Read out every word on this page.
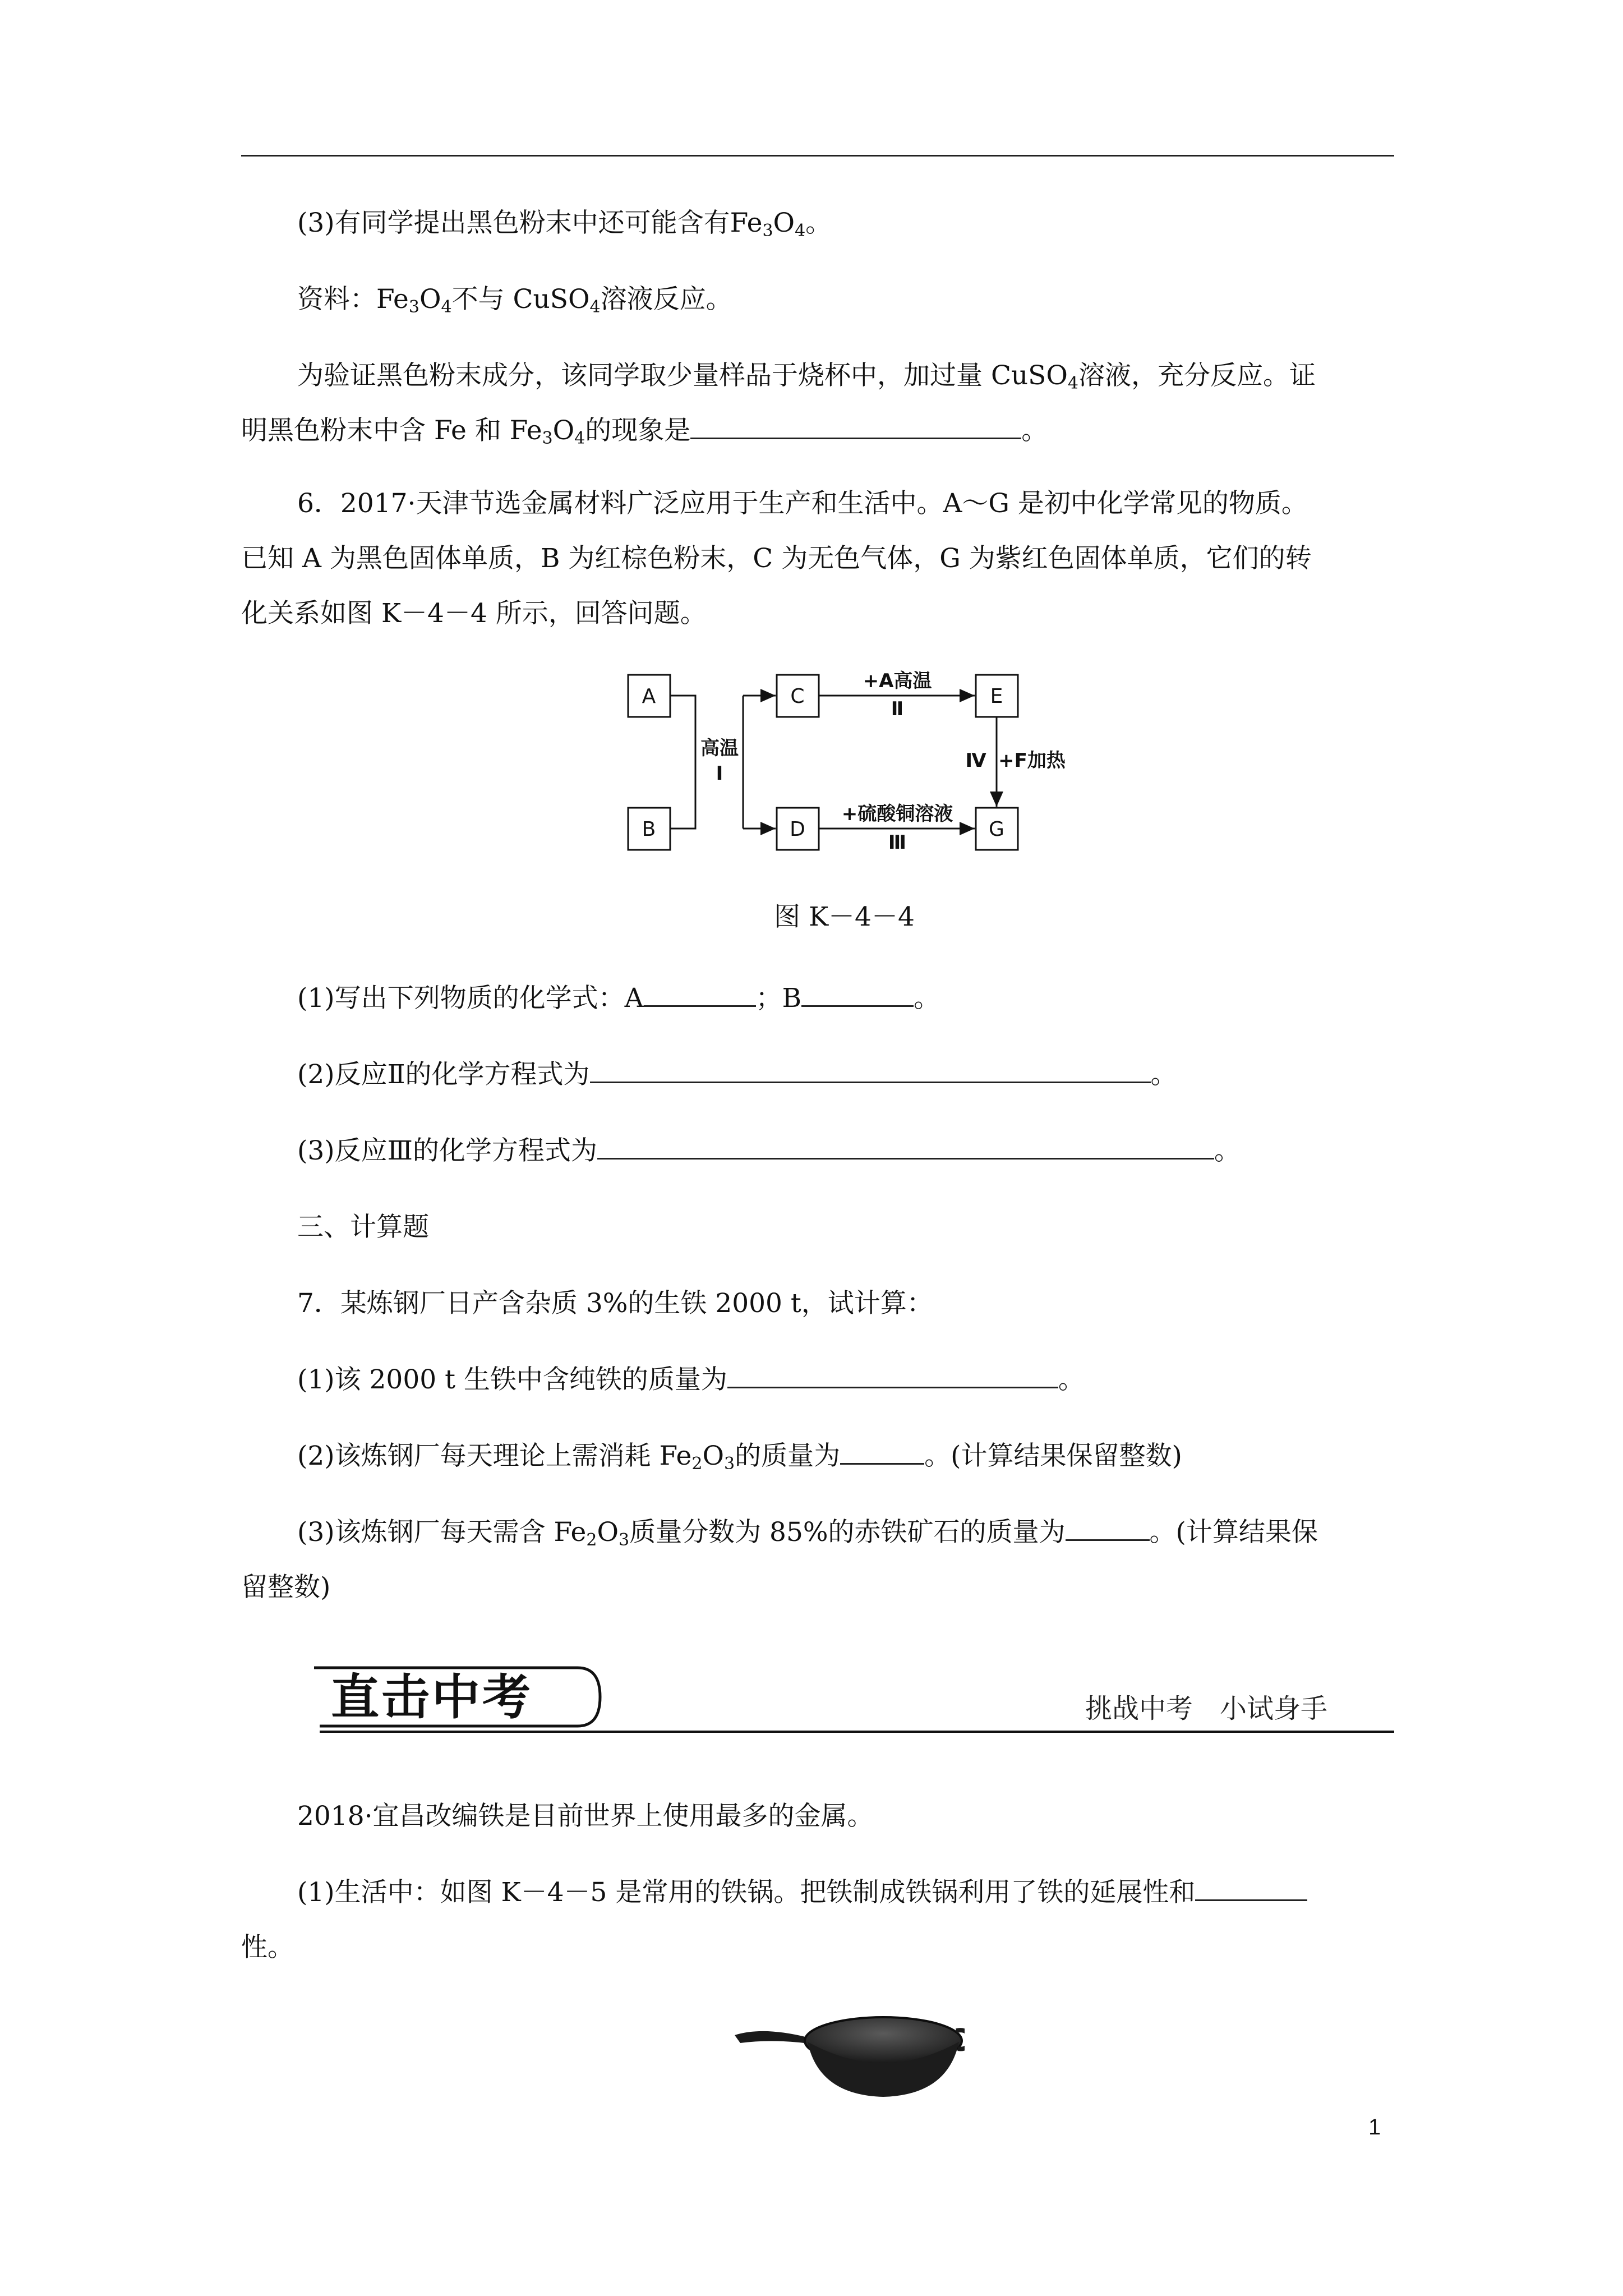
(3)有同学提出黑色粉末中还可能含有$Fe_3O_4$。
资料：$Fe_3O_4$不与 CuSO$_4$溶液反应。
为验证黑色粉末成分，该同学取少量样品于烧杯中，加过量 CuSO$_4$溶液，充分反应。证
明黑色粉末中含 Fe 和 $Fe_3O_4$的现象是	。
6．2017·天津节选金属材料广泛应用于生产和生活中。A～G 是初中化学常见的物质。
已知 A 为黑色固体单质，B 为红棕色粉末，C 为无色气体，G 为紫红色固体单质，它们的转
化关系如图 K－4－4 所示，回答问题。
A
B
C
D
E
G
高温
Ⅰ
+A高温
Ⅱ
+硫酸铜溶液
Ⅲ
Ⅳ +F加热
图 K－4－4
(1)写出下列物质的化学式：A	；B	。
(2)反应Ⅱ的化学方程式为	。
(3)反应Ⅲ的化学方程式为	。
三、计算题
7．某炼钢厂日产含杂质 3%的生铁 2000 t，试计算：
(1)该 2000 t 生铁中含纯铁的质量为	。
(2)该炼钢厂每天理论上需消耗 $Fe_2O_3$的质量为	。(计算结果保留整数)
(3)该炼钢厂每天需含 $Fe_2O_3$质量分数为 85%的赤铁矿石的质量为	。(计算结果保
留整数)
直击中考	挑战中考　小试身手
2018·宜昌改编铁是目前世界上使用最多的金属。
(1)生活中：如图 K－4－5 是常用的铁锅。把铁制成铁锅利用了铁的延展性和
性。
1
